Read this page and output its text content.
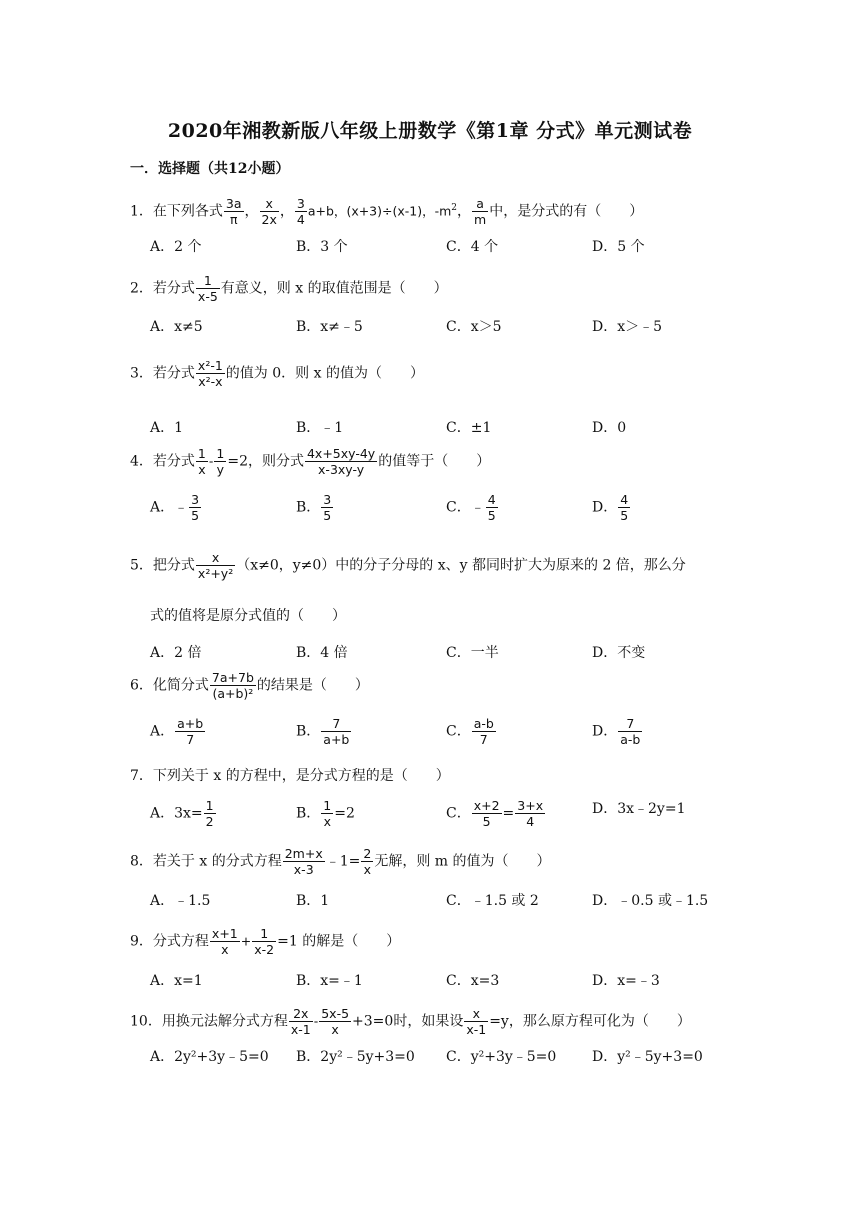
2020年湘教新版八年级上册数学《第1章 分式》单元测试卷
一．选择题（共12小题）
1．在下列各式 $\frac{3a}{\pi}$ ， $\frac{x}{2x}$ ， $\frac{3}{4} a+b$，(x+3)÷(x-1)，$-m^2$， $\frac{a}{m}$ 中，是分式的有（　　）
A．2 个	B．3 个	C．4 个	D．5 个
2．若分式 $\frac{1}{x-5}$ 有意义，则 x 的取值范围是（　　）
A．x≠5	B．x≠﹣5	C．x＞5	D．x＞﹣5
3．若分式 $\frac{\text{x²-1}}{\text{x²-x}}$ 的值为 0．则 x 的值为（　　）
A．1	B．﹣1	C．±1	D．0
4．若分式 $\frac{1}{x} - \frac{1}{y} =2$，则分式 $\frac{4x+5xy-4y}{x-3xy-y}$ 的值等于（　　）
A．﹣ $\frac{3}{5}$	B． $\frac{3}{5}$	C．﹣ $\frac{4}{5}$	D． $\frac{4}{5}$
5．把分式 $\frac{x}{\text{x²+y²}} (x\ne 0$，y≠0）中的分子分母的 x、y 都同时扩大为原来的 2 倍，那么分
式的值将是原分式值的（　　）
A．2 倍	B．4 倍	C．一半	D．不变
6．化简分式 $\frac{7a+7b}{\text{(a+b)²}}$ 的结果是（　　）
A． $\frac{a+b}{7}$	B． $\frac{7}{a+b}$	C． $\frac{a-b}{7}$	D． $\frac{7}{a-b}$
7．下列关于 x 的方程中，是分式方程的是（　　）
A．$3x= \frac{1}{2}$	B． $\frac{1}{x} =2$	C． $\frac{x+2}{5} = \frac{3+x}{4}$	D．3x﹣2y=1
8．若关于 x 的分式方程 $\frac{2m+x}{x-3}$ ﹣1= $\frac{2}{x}$ 无解，则 m 的值为（　　）
A．﹣1.5	B．1	C．﹣1.5 或 2	D．﹣0.5 或﹣1.5
9．分式方程 $\frac{x+1}{x} + \frac{1}{x-2} =1$ 的解是（　　）
A．x=1	B．x=﹣1	C．x=3	D．x=﹣3
10．用换元法解分式方程 $\frac{2x}{x-1} - \frac{5x-5}{x} +3=0$时，如果设 $\frac{x}{x-1} =y$，那么原方程可化为（　　）
A．2y²+3y﹣5=0 B．2y²﹣5y+3=0 C．y²+3y﹣5=0	D．y²﹣5y+3=0
